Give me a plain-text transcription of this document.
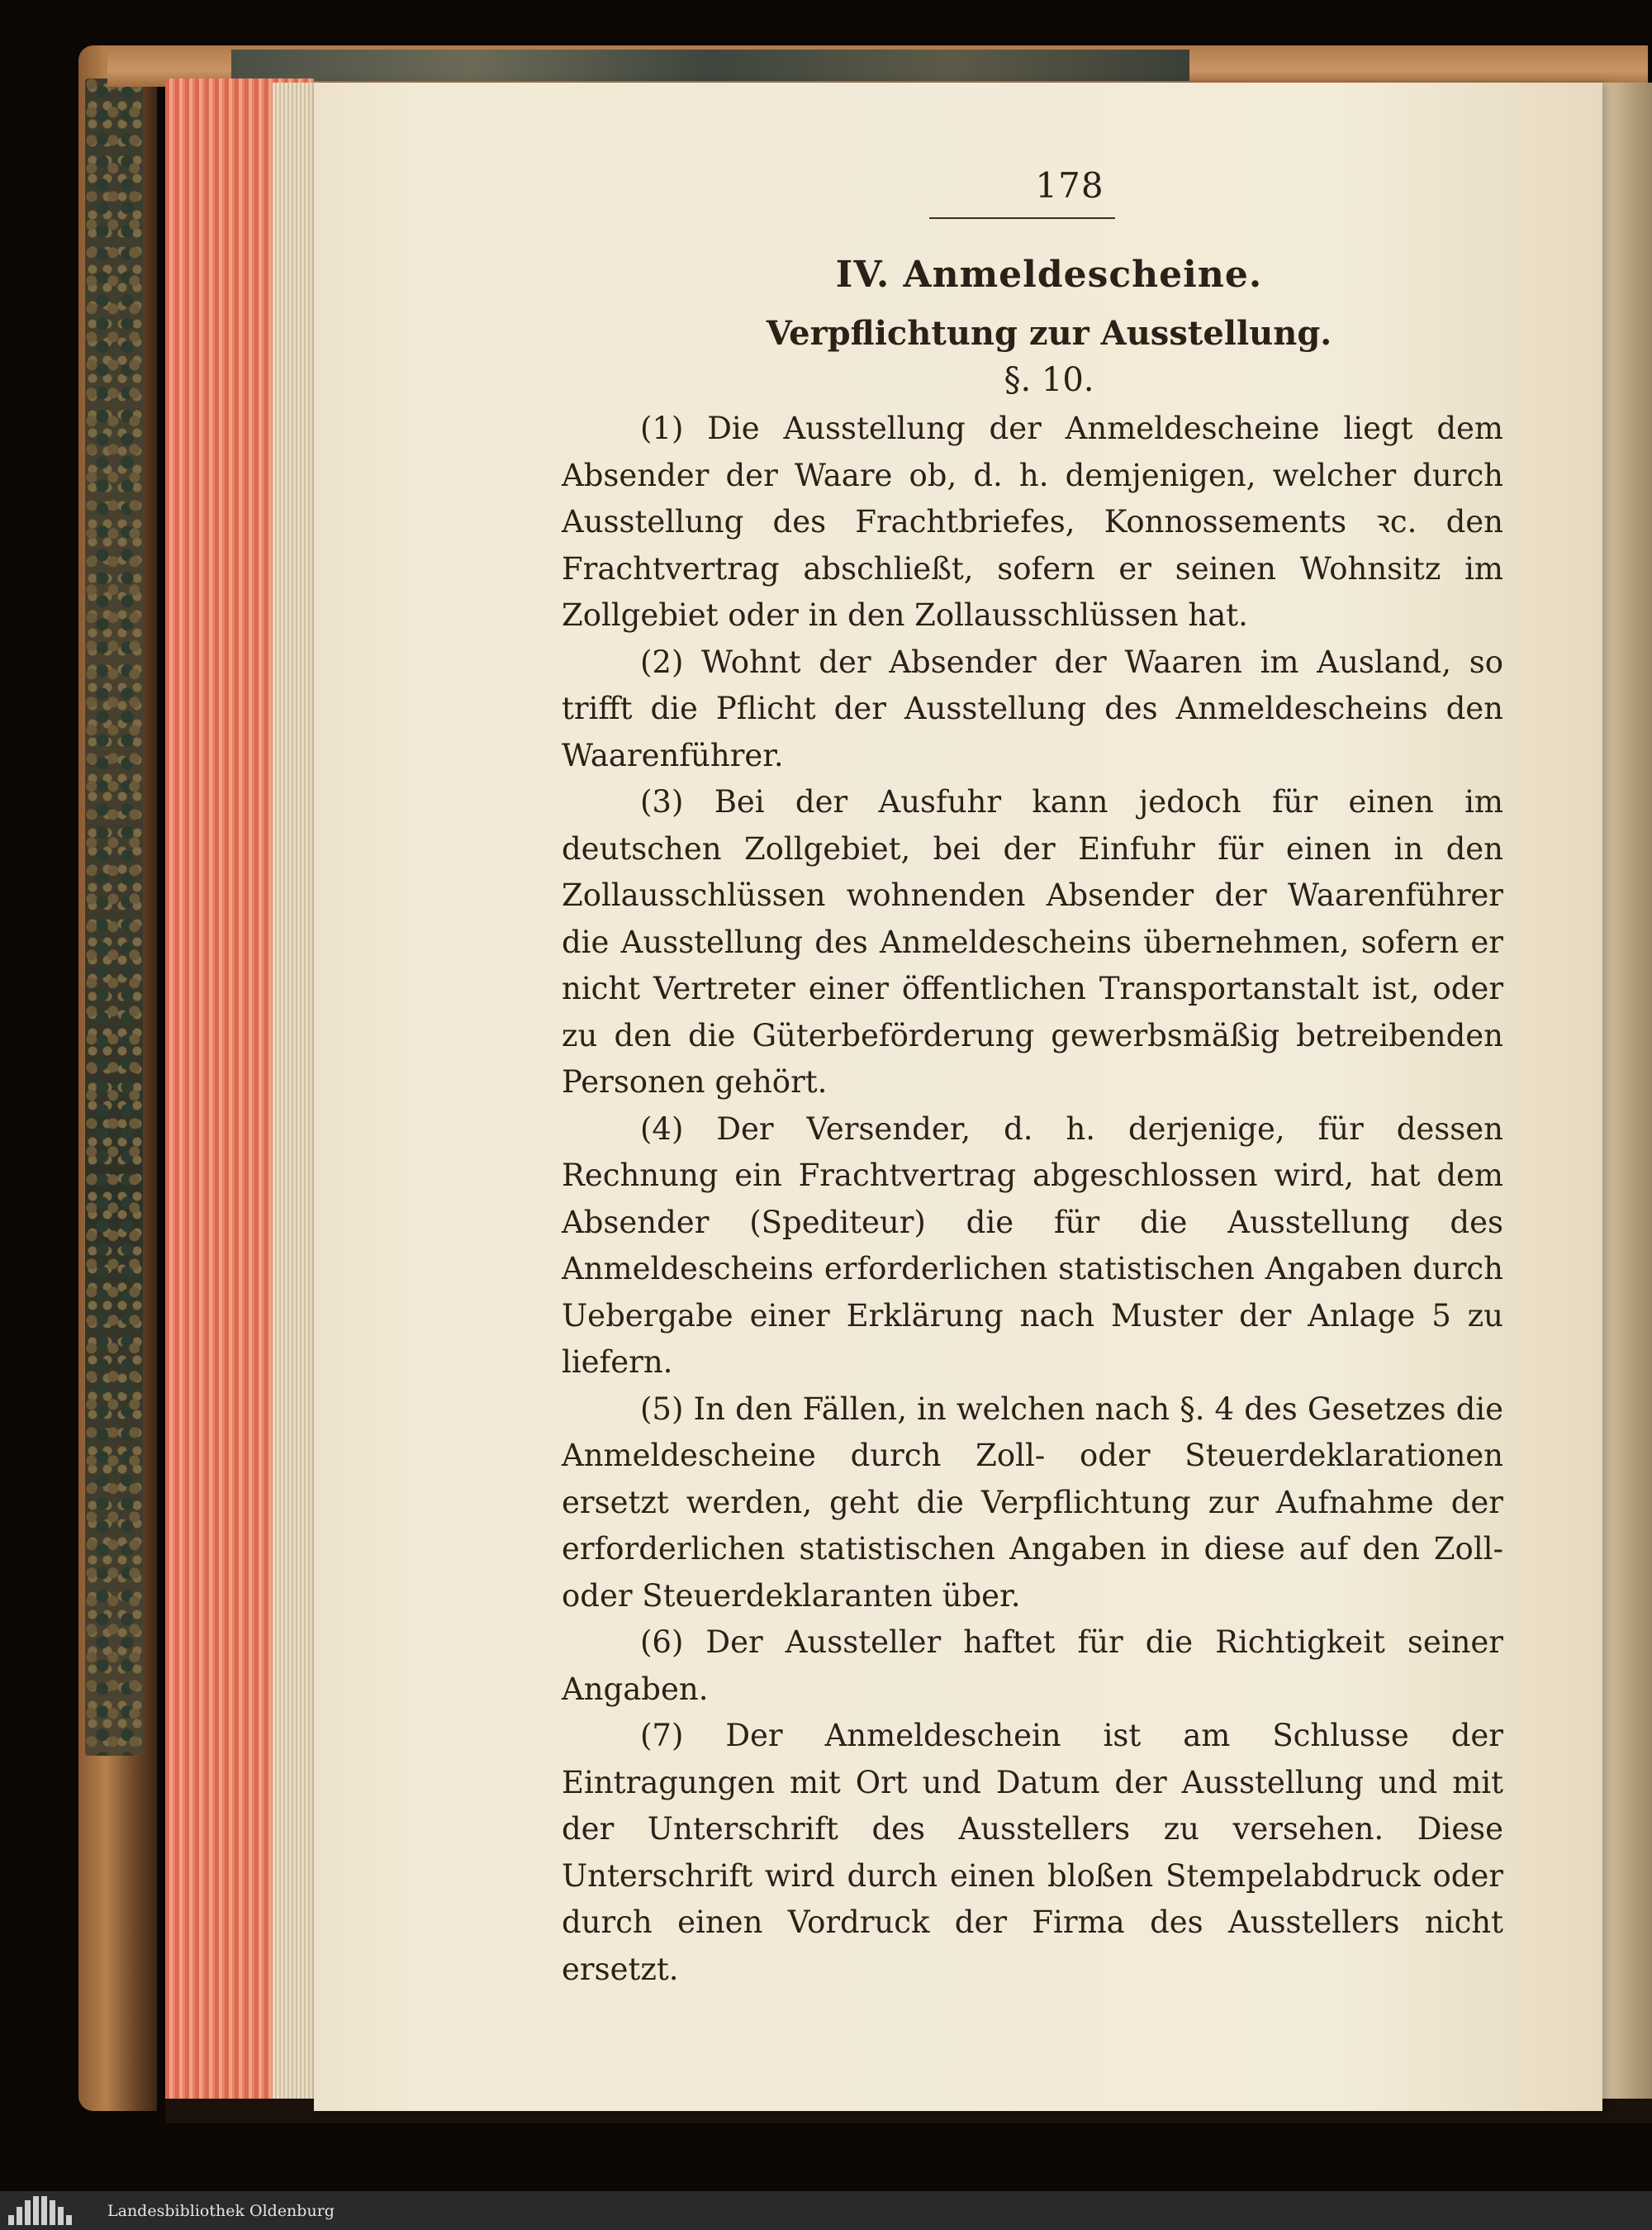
178
IV. Anmeldescheine.
Verpflichtung zur Ausstellung.
§. 10.

(1) Die Ausstellung der Anmeldescheine liegt dem Absender der Waare ob, d. h. demjenigen, welcher durch Ausstellung des Frachtbriefes, Konnossements ꝛc. den Frachtvertrag abschließt, sofern er seinen Wohnsitz im Zollgebiet oder in den Zollausschlüssen hat.

(2) Wohnt der Absender der Waaren im Ausland, so trifft die Pflicht der Ausstellung des Anmeldescheins den Waarenführer.

(3) Bei der Ausfuhr kann jedoch für einen im deutschen Zollgebiet, bei der Einfuhr für einen in den Zollausschlüssen wohnenden Absender der Waarenführer die Ausstellung des Anmeldescheins übernehmen, sofern er nicht Vertreter einer öffentlichen Transportanstalt ist, oder zu den die Güterbeförderung gewerbsmäßig betreibenden Personen gehört.

(4) Der Versender, d. h. derjenige, für dessen Rechnung ein Frachtvertrag abgeschlossen wird, hat dem Absender (Spediteur) die für die Ausstellung des Anmeldescheins erforderlichen statistischen Angaben durch Uebergabe einer Erklärung nach Muster der Anlage 5 zu liefern.

(5) In den Fällen, in welchen nach §. 4 des Gesetzes die Anmeldescheine durch Zoll- oder Steuerdeklarationen ersetzt werden, geht die Verpflichtung zur Aufnahme der erforderlichen statistischen Angaben in diese auf den Zoll- oder Steuerdeklaranten über.

(6) Der Aussteller haftet für die Richtigkeit seiner Angaben.

(7) Der Anmeldeschein ist am Schlusse der Eintragungen mit Ort und Datum der Ausstellung und mit der Unterschrift des Ausstellers zu versehen. Diese Unterschrift wird durch einen bloßen Stempelabdruck oder durch einen Vordruck der Firma des Ausstellers nicht ersetzt.

Landesbibliothek Oldenburg
